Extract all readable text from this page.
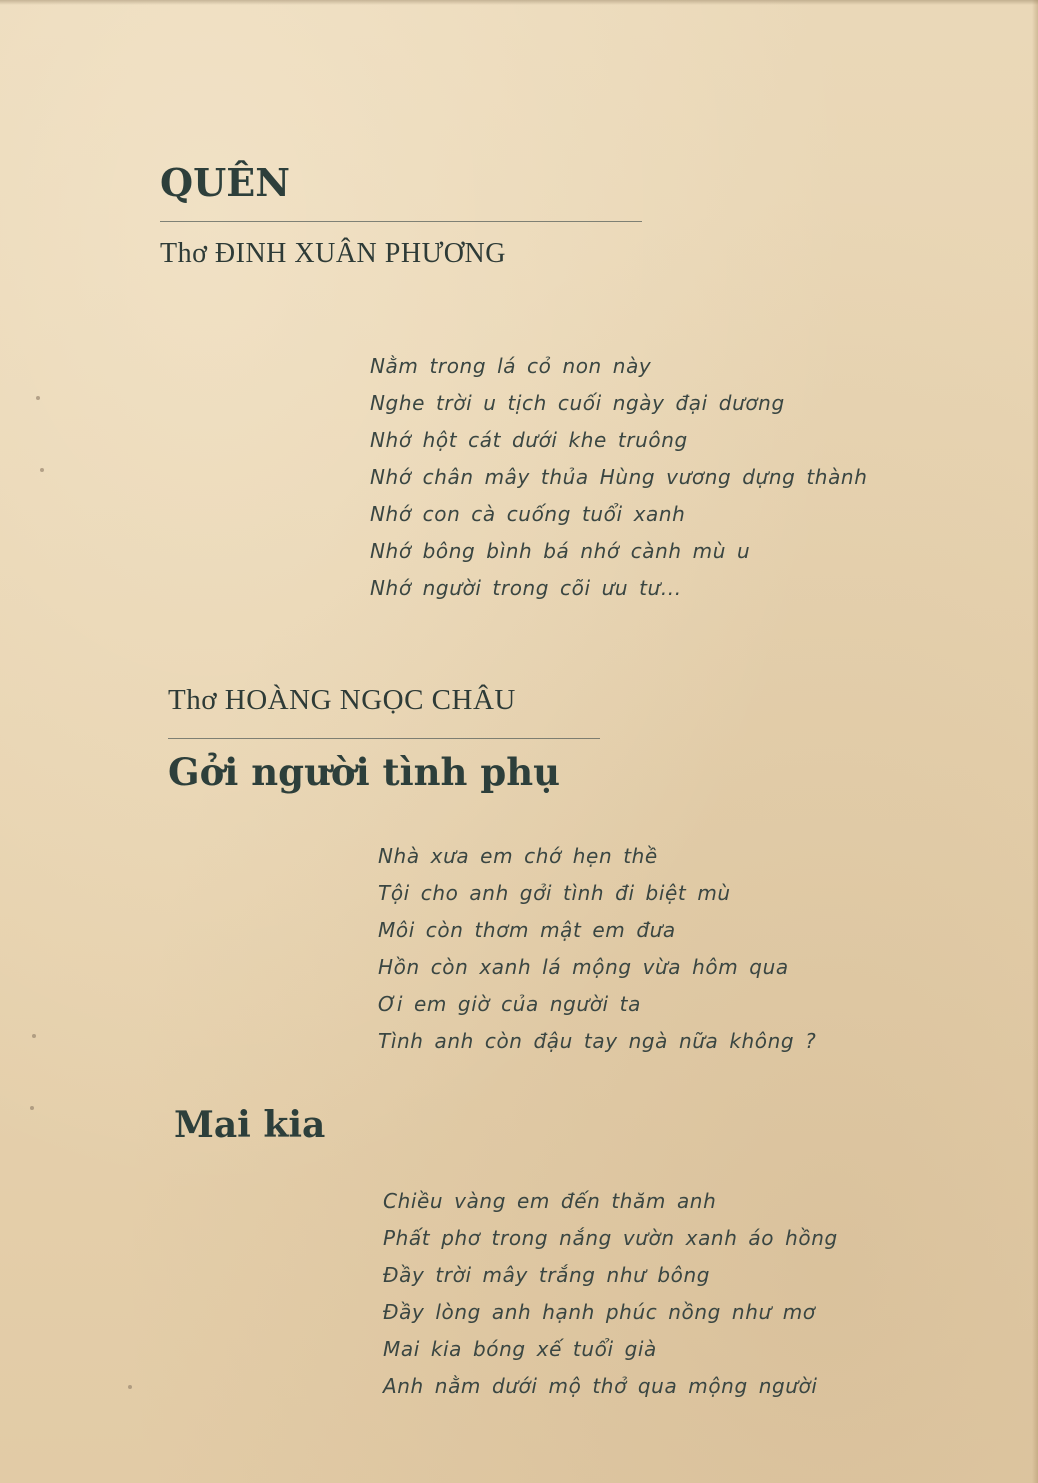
QUÊN
Thơ ĐINH XUÂN PHƯƠNG
Nằm trong lá cỏ non này
Nghe trời u tịch cuối ngày đại dương
Nhớ hột cát dưới khe truông
Nhớ chân mây thủa Hùng vương dựng thành
Nhớ con cà cuống tuổi xanh
Nhớ bông bình bá nhớ cành mù u
Nhớ người trong cõi ưu tư...
Thơ HOÀNG NGỌC CHÂU
Gởi người tình phụ
Nhà xưa em chớ hẹn thề
Tội cho anh gởi tình đi biệt mù
Môi còn thơm mật em đưa
Hồn còn xanh lá mộng vừa hôm qua
Ơi em giờ của người ta
Tình anh còn đậu tay ngà nữa không ?
Mai kia
Chiều vàng em đến thăm anh
Phất phơ trong nắng vườn xanh áo hồng
Đầy trời mây trắng như bông
Đầy lòng anh hạnh phúc nồng như mơ
Mai kia bóng xế tuổi già
Anh nằm dưới mộ thở qua mộng người
